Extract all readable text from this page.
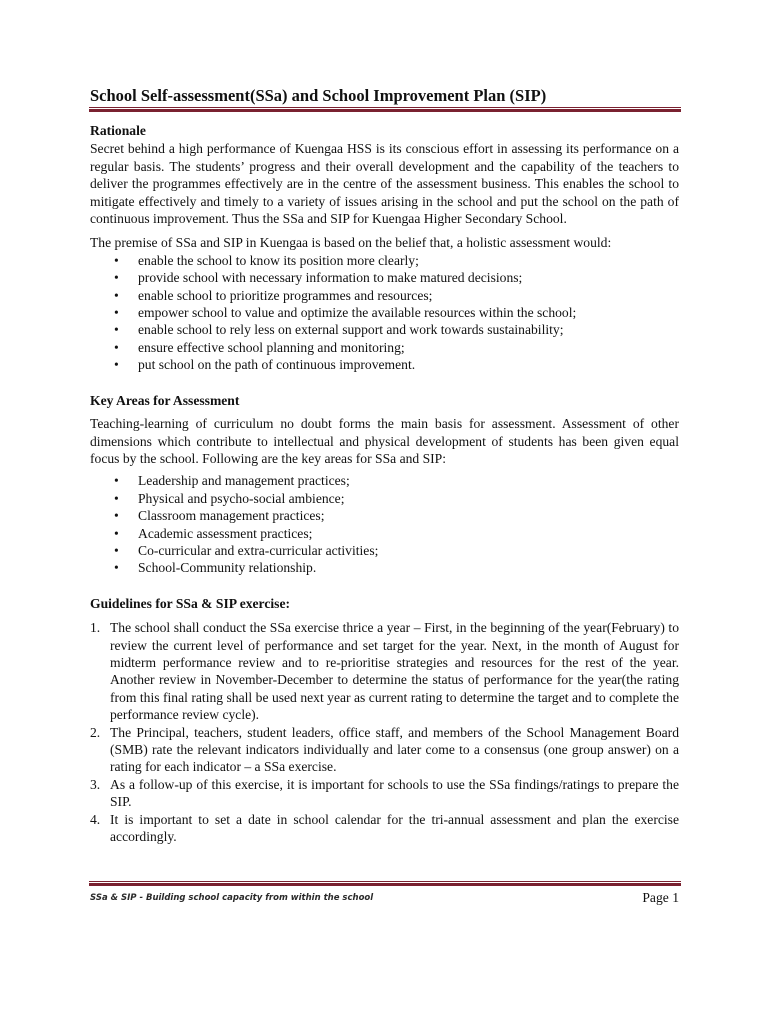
School Self-assessment(SSa) and School Improvement Plan (SIP)
Rationale

Secret behind a high performance of Kuengaa HSS is its conscious effort in assessing its performance on a regular basis. The students’ progress and their overall development and the capability of the teachers to deliver the programmes effectively are in the centre of the assessment business. This enables the school to mitigate effectively and timely to a variety of issues arising in the school and put the school on the path of continuous improvement. Thus the SSa and SIP for Kuengaa Higher Secondary School.

The premise of SSa and SIP in Kuengaa is based on the belief that, a holistic assessment would:

• enable the school to know its position more clearly;
• provide school with necessary information to make matured decisions;
• enable school to prioritize programmes and resources;
• empower school to value and optimize the available resources within the school;
• enable school to rely less on external support and work towards sustainability;
• ensure effective school planning and monitoring;
• put school on the path of continuous improvement.
Key Areas for Assessment

Teaching-learning of curriculum no doubt forms the main basis for assessment. Assessment of other dimensions which contribute to intellectual and physical development of students has been given equal focus by the school. Following are the key areas for SSa and SIP:

• Leadership and management practices;
• Physical and psycho-social ambience;
• Classroom management practices;
• Academic assessment practices;
• Co-curricular and extra-curricular activities;
• School-Community relationship.
Guidelines for SSa & SIP exercise:
1. The school shall conduct the SSa exercise thrice a year – First, in the beginning of the year(February) to review the current level of performance and set target for the year. Next, in the month of August for midterm performance review and to re-prioritise strategies and resources for the rest of the year. Another review in November-December to determine the status of performance for the year(the rating from this final rating shall be used next year as current rating to determine the target and to complete the performance review cycle).
2. The Principal, teachers, student leaders, office staff, and members of the School Management Board (SMB) rate the relevant indicators individually and later come to a consensus (one group answer) on a rating for each indicator – a SSa exercise.
3. As a follow-up of this exercise, it is important for schools to use the SSa findings/ratings to prepare the SIP.
4. It is important to set a date in school calendar for the tri-annual assessment and plan the exercise accordingly.
SSa & SIP - Building school capacity from within the school	Page 1
